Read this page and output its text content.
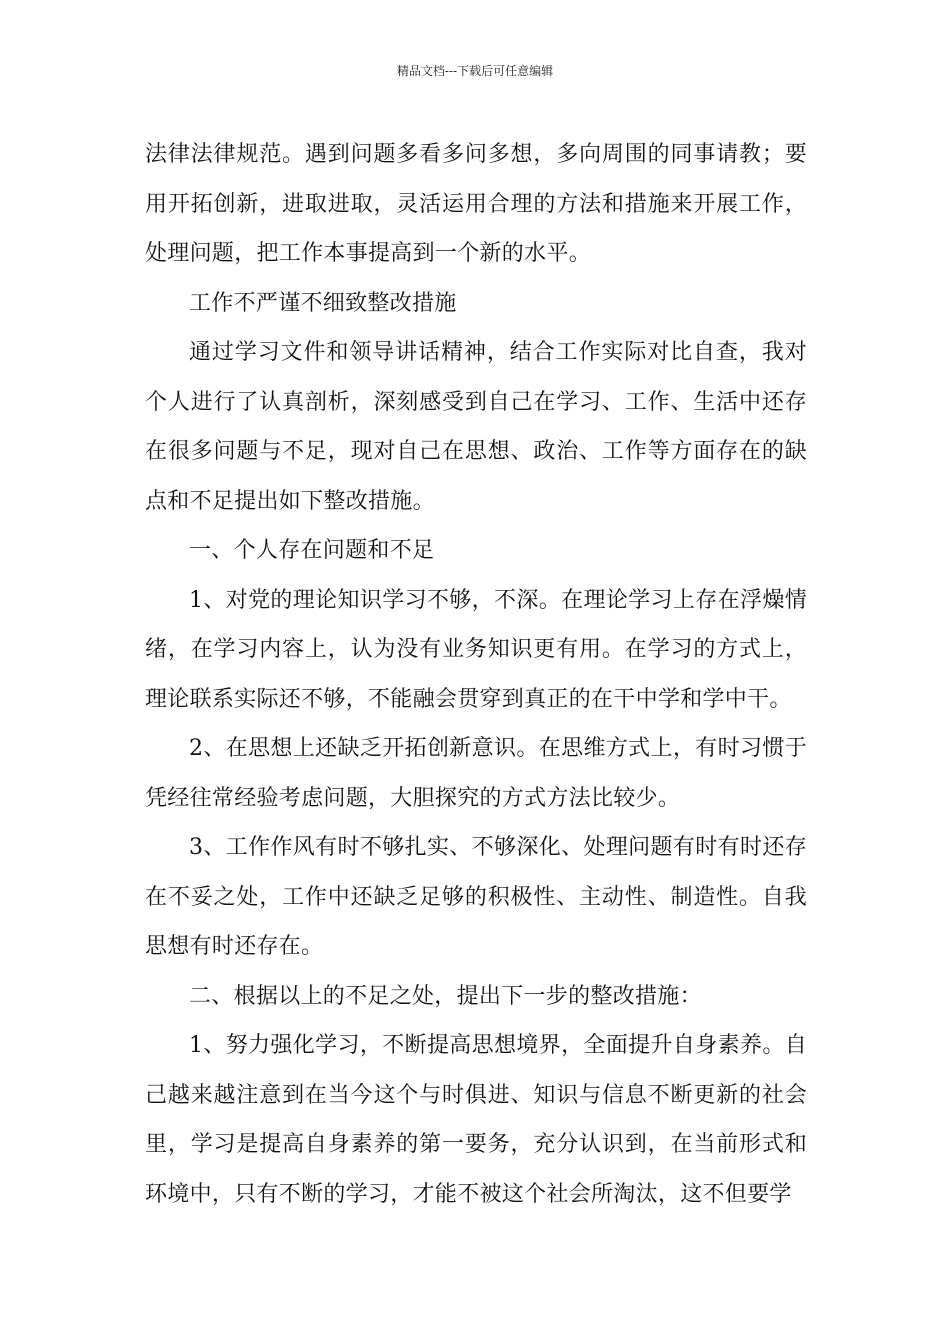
精品文档---下载后可任意编辑

法律法律规范。遇到问题多看多问多想，多向周围的同事请教；要用开拓创新，进取进取，灵活运用合理的方法和措施来开展工作，处理问题，把工作本事提高到一个新的水平。

工作不严谨不细致整改措施

通过学习文件和领导讲话精神，结合工作实际对比自查，我对个人进行了认真剖析，深刻感受到自己在学习、工作、生活中还存在很多问题与不足，现对自己在思想、政治、工作等方面存在的缺点和不足提出如下整改措施。

一、个人存在问题和不足

1、对党的理论知识学习不够，不深。在理论学习上存在浮燥情绪，在学习内容上，认为没有业务知识更有用。在学习的方式上，理论联系实际还不够，不能融会贯穿到真正的在干中学和学中干。

2、在思想上还缺乏开拓创新意识。在思维方式上，有时习惯于凭经往常经验考虑问题，大胆探究的方式方法比较少。

3、工作作风有时不够扎实、不够深化、处理问题有时有时还存在不妥之处，工作中还缺乏足够的积极性、主动性、制造性。自我思想有时还存在。

二、根据以上的不足之处，提出下一步的整改措施：

1、努力强化学习，不断提高思想境界，全面提升自身素养。自己越来越注意到在当今这个与时俱进、知识与信息不断更新的社会里，学习是提高自身素养的第一要务，充分认识到，在当前形式和环境中，只有不断的学习，才能不被这个社会所淘汰，这不但要学
